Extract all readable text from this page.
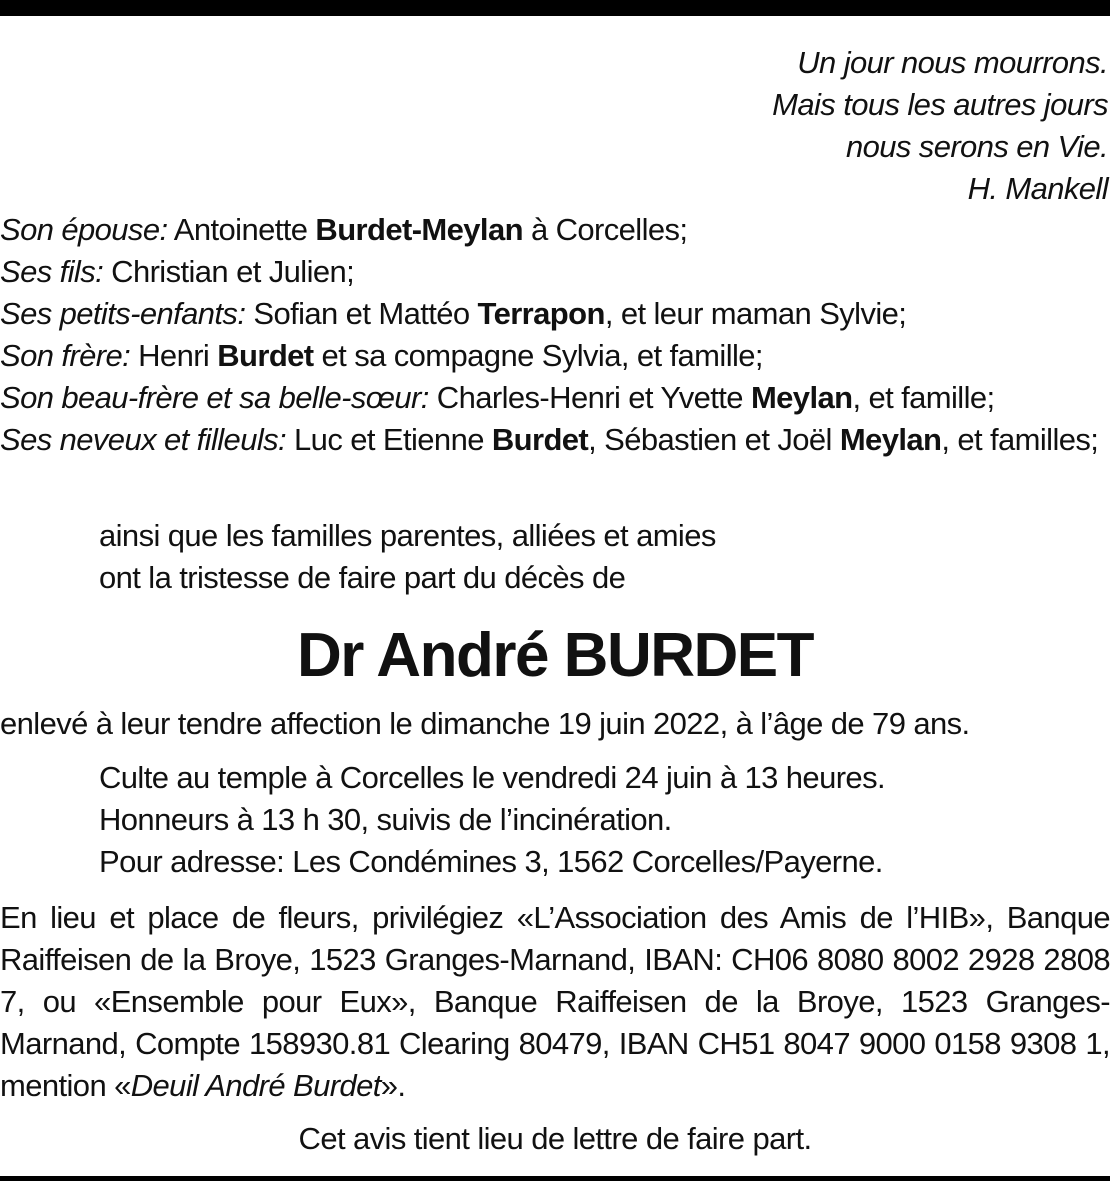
Un jour nous mourrons.
Mais tous les autres jours
nous serons en Vie.
H. Mankell
Son épouse: Antoinette Burdet-Meylan à Corcelles;
Ses fils: Christian et Julien;
Ses petits-enfants: Sofian et Mattéo Terrapon, et leur maman Sylvie;
Son frère: Henri Burdet et sa compagne Sylvia, et famille;
Son beau-frère et sa belle-sœur: Charles-Henri et Yvette Meylan, et famille;
Ses neveux et filleuls: Luc et Etienne Burdet, Sébastien et Joël Meylan, et familles;
ainsi que les familles parentes, alliées et amies
ont la tristesse de faire part du décès de
Dr André BURDET
enlevé à leur tendre affection le dimanche 19 juin 2022, à l’âge de 79 ans.
Culte au temple à Corcelles le vendredi 24 juin à 13 heures.
Honneurs à 13 h 30, suivis de l’incinération.
Pour adresse: Les Condémines 3, 1562 Corcelles/Payerne.
En lieu et place de fleurs, privilégiez «L’Association des Amis de l’HIB», Banque Raiffeisen de la Broye, 1523 Granges-Marnand, IBAN: CH06 8080 8002 2928 2808 7, ou «Ensemble pour Eux», Banque Raiffeisen de la Broye, 1523 Granges-Marnand, Compte 158930.81 Clearing 80479, IBAN CH51 8047 9000 0158 9308 1, mention «Deuil André Burdet».
Cet avis tient lieu de lettre de faire part.
